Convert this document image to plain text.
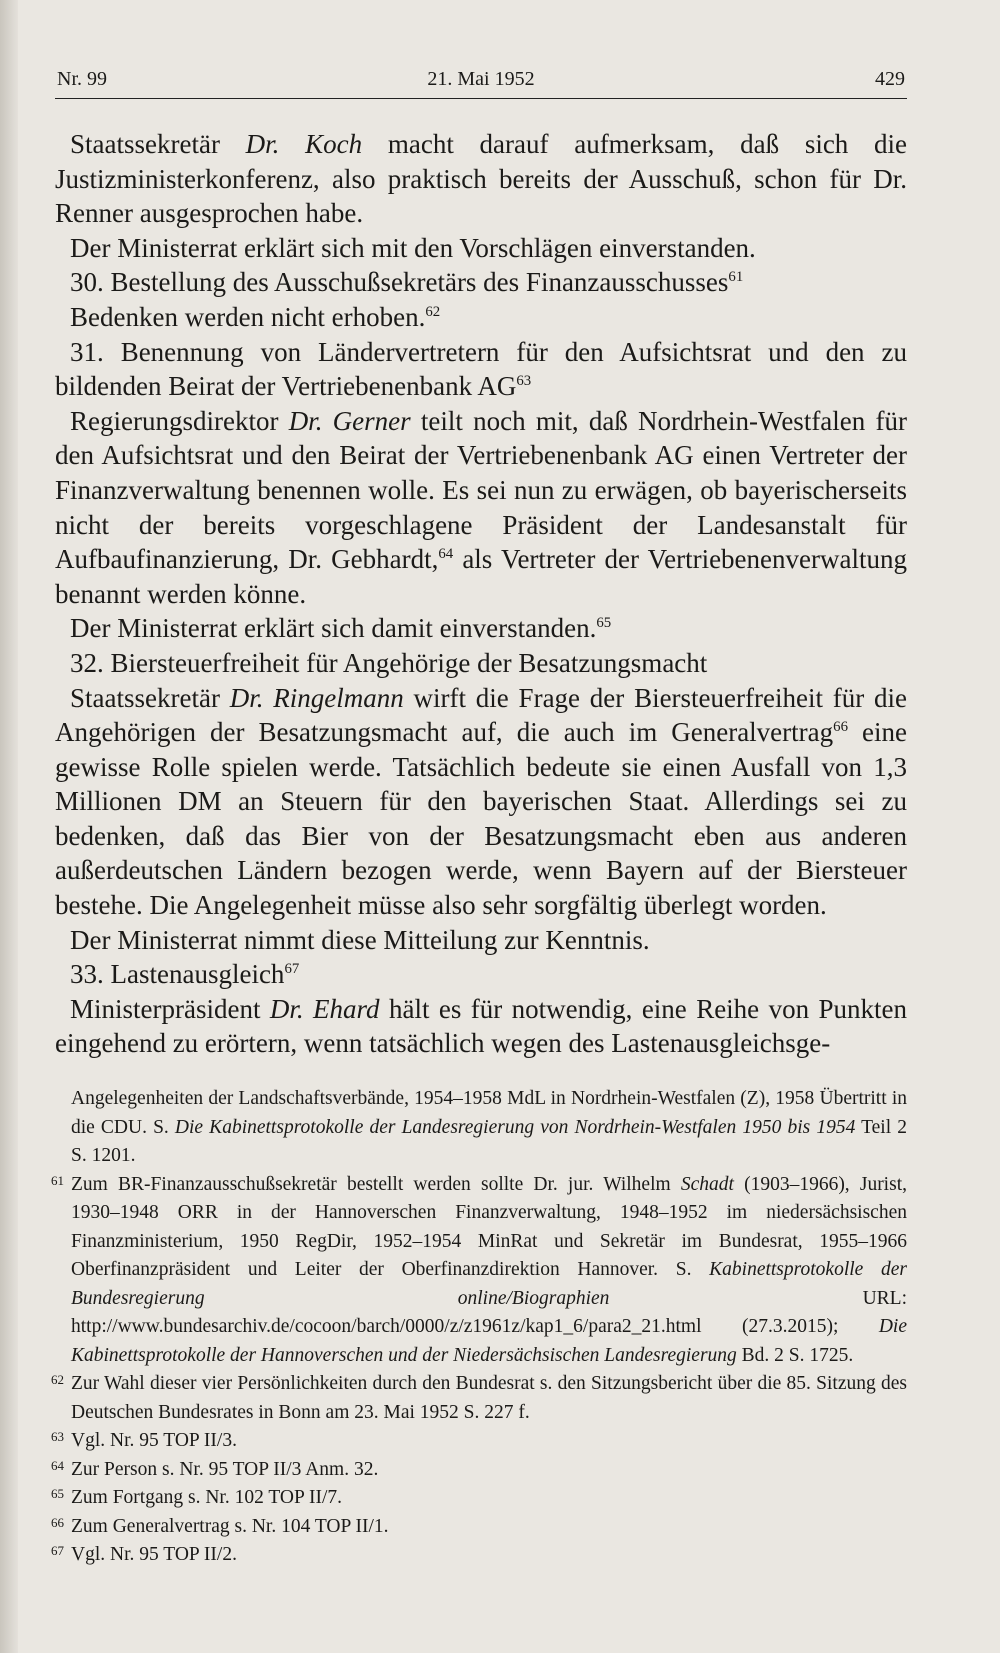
Nr. 99	21. Mai 1952	429

Staatssekretär Dr. Koch macht darauf aufmerksam, daß sich die Justizministerkonferenz, also praktisch bereits der Ausschuß, schon für Dr. Renner ausgesprochen habe.

Der Ministerrat erklärt sich mit den Vorschlägen einverstanden.

30. Bestellung des Ausschußsekretärs des Finanzausschusses$^{61}$

Bedenken werden nicht erhoben.$^{62}$

31. Benennung von Ländervertretern für den Aufsichtsrat und den zu bildenden Beirat der Vertriebenenbank AG$^{63}$

Regierungsdirektor Dr. Gerner teilt noch mit, daß Nordrhein-Westfalen für den Aufsichtsrat und den Beirat der Vertriebenenbank AG einen Vertreter der Finanzverwaltung benennen wolle. Es sei nun zu erwägen, ob bayerischerseits nicht der bereits vorgeschlagene Präsident der Landesanstalt für Aufbaufinanzierung, Dr. Gebhardt,$^{64}$ als Vertreter der Vertriebenenverwaltung benannt werden könne.

Der Ministerrat erklärt sich damit einverstanden.$^{65}$

32. Biersteuerfreiheit für Angehörige der Besatzungsmacht

Staatssekretär Dr. Ringelmann wirft die Frage der Biersteuerfreiheit für die Angehörigen der Besatzungsmacht auf, die auch im Generalvertrag$^{66}$ eine gewisse Rolle spielen werde. Tatsächlich bedeute sie einen Ausfall von 1,3 Millionen DM an Steuern für den bayerischen Staat. Allerdings sei zu bedenken, daß das Bier von der Besatzungsmacht eben aus anderen außerdeutschen Ländern bezogen werde, wenn Bayern auf der Biersteuer bestehe. Die Angelegenheit müsse also sehr sorgfältig überlegt worden.

Der Ministerrat nimmt diese Mitteilung zur Kenntnis.

33. Lastenausgleich$^{67}$

Ministerpräsident Dr. Ehard hält es für notwendig, eine Reihe von Punkten eingehend zu erörtern, wenn tatsächlich wegen des Lastenausgleichsge-

Angelegenheiten der Landschaftsverbände, 1954–1958 MdL in Nordrhein-Westfalen (Z), 1958 Übertritt in die CDU. S. Die Kabinettsprotokolle der Landesregierung von Nordrhein-Westfalen 1950 bis 1954 Teil 2 S. 1201.
61 Zum BR-Finanzausschußsekretär bestellt werden sollte Dr. jur. Wilhelm Schadt (1903–1966), Jurist, 1930–1948 ORR in der Hannoverschen Finanzverwaltung, 1948–1952 im niedersächsischen Finanzministerium, 1950 RegDir, 1952–1954 MinRat und Sekretär im Bundesrat, 1955–1966 Oberfinanzpräsident und Leiter der Oberfinanzdirektion Hannover. S. Kabinettsprotokolle der Bundesregierung online/Biographien URL: http://www.bundesarchiv.de/cocoon/barch/0000/z/z1961z/kap1_6/para2_21.html (27.3.2015); Die Kabinettsprotokolle der Hannoverschen und der Niedersächsischen Landesregierung Bd. 2 S. 1725.
62 Zur Wahl dieser vier Persönlichkeiten durch den Bundesrat s. den Sitzungsbericht über die 85. Sitzung des Deutschen Bundesrates in Bonn am 23. Mai 1952 S. 227 f.
63 Vgl. Nr. 95 TOP II/3.
64 Zur Person s. Nr. 95 TOP II/3 Anm. 32.
65 Zum Fortgang s. Nr. 102 TOP II/7.
66 Zum Generalvertrag s. Nr. 104 TOP II/1.
67 Vgl. Nr. 95 TOP II/2.
